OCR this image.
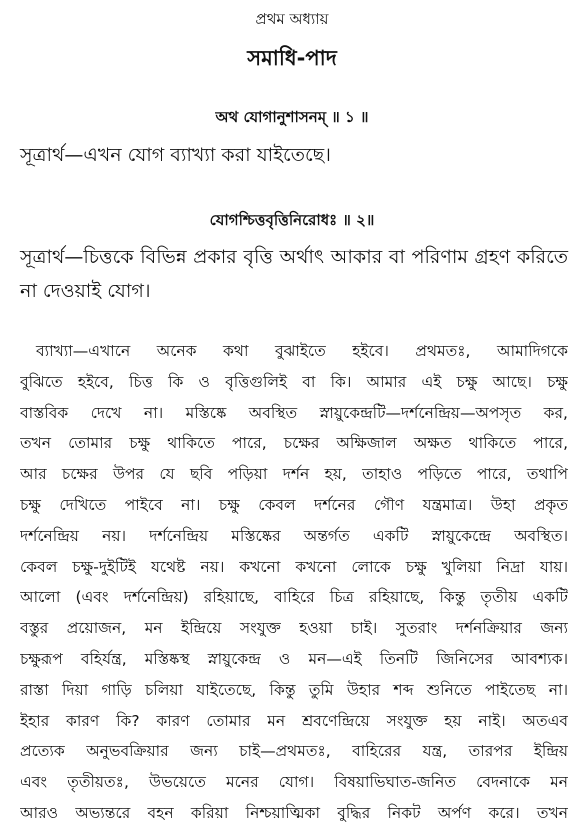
প্রথম অধ্যায়
সমাধি-পাদ
অথ যোগানুশাসনম্ ॥ ১ ॥
সূত্রার্থ—এখন যোগ ব্যাখ্যা করা যাইতেছে।
যোগশ্চিত্তবৃত্তিনিরোধঃ ॥ ২॥
সূত্রার্থ—চিত্তকে বিভিন্ন প্রকার বৃত্তি অর্থাৎ আকার বা পরিণাম গ্রহণ করিতে না দেওয়াই যোগ।
ব্যাখ্যা—এখানে অনেক কথা বুঝাইতে হইবে। প্রথমতঃ, আমাদিগকে
বুঝিতে হইবে, চিত্ত কি ও বৃত্তিগুলিই বা কি। আমার এই চক্ষু আছে। চক্ষু
বাস্তবিক দেখে না। মস্তিষ্কে অবস্থিত স্নায়ুকেন্দ্রটি—দর্শনেন্দ্রিয়—অপসৃত কর,
তখন তোমার চক্ষু থাকিতে পারে, চক্ষের অক্ষিজাল অক্ষত থাকিতে পারে,
আর চক্ষের উপর যে ছবি পড়িয়া দর্শন হয়, তাহাও পড়িতে পারে, তথাপি
চক্ষু দেখিতে পাইবে না। চক্ষু কেবল দর্শনের গৌণ যন্ত্রমাত্র। উহা প্রকৃত
দর্শনেন্দ্রিয় নয়। দর্শনেন্দ্রিয় মস্তিষ্কের অন্তর্গত একটি স্নায়ুকেন্দ্রে অবস্থিত।
কেবল চক্ষু-দুইটিই যথেষ্ট নয়। কখনো কখনো লোকে চক্ষু খুলিয়া নিদ্রা যায়।
আলো (এবং দর্শনেন্দ্রিয়) রহিয়াছে, বাহিরে চিত্র রহিয়াছে, কিন্তু তৃতীয় একটি
বস্তুর প্রয়োজন, মন ইন্দ্রিয়ে সংযুক্ত হওয়া চাই। সুতরাং দর্শনক্রিয়ার জন্য
চক্ষুরূপ বহির্যন্ত্র, মস্তিষ্কস্থ স্নায়ুকেন্দ্র ও মন—এই তিনটি জিনিসের আবশ্যক।
রাস্তা দিয়া গাড়ি চলিয়া যাইতেছে, কিন্তু তুমি উহার শব্দ শুনিতে পাইতেছ না।
ইহার কারণ কি? কারণ তোমার মন শ্রবণেন্দ্রিয়ে সংযুক্ত হয় নাই। অতএব
প্রত্যেক অনুভবক্রিয়ার জন্য চাই—প্রথমতঃ, বাহিরের যন্ত্র, তারপর ইন্দ্রিয়
এবং তৃতীয়তঃ, উভয়েতে মনের যোগ। বিষয়াভিঘাত-জনিত বেদনাকে মন
আরও অভ্যন্তরে বহন করিয়া নিশ্চয়াত্মিকা বুদ্ধির নিকট অর্পণ করে। তখন
